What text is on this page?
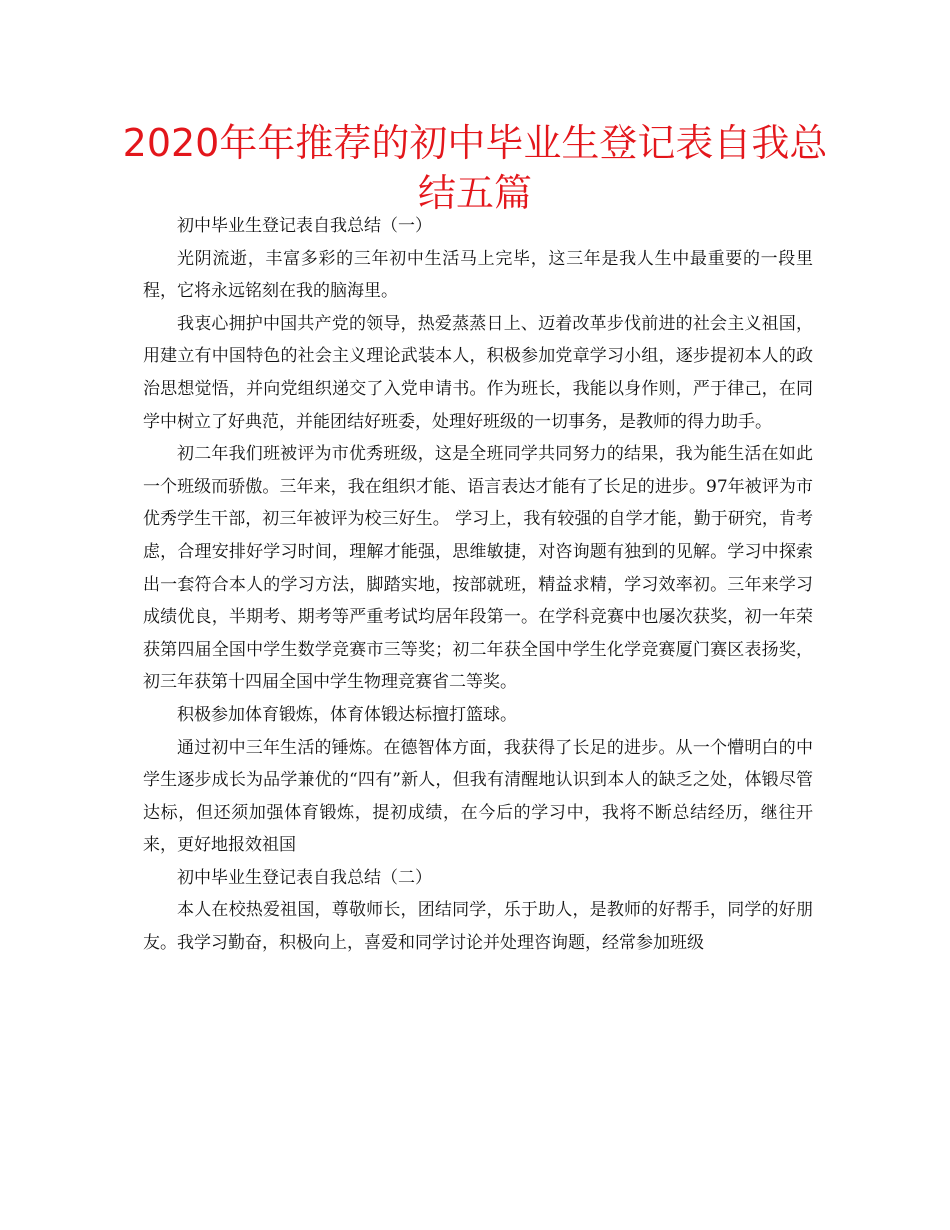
2020年年推荐的初中毕业生登记表自我总结五篇

初中毕业生登记表自我总结（一）

光阴流逝，丰富多彩的三年初中生活马上完毕，这三年是我人生中最重要的一段里程，它将永远铭刻在我的脑海里。

我衷心拥护中国共产党的领导，热爱蒸蒸日上、迈着改革步伐前进的社会主义祖国，用建立有中国特色的社会主义理论武装本人，积极参加党章学习小组，逐步提初本人的政治思想觉悟，并向党组织递交了入党申请书。作为班长，我能以身作则，严于律己，在同学中树立了好典范，并能团结好班委，处理好班级的一切事务，是教师的得力助手。

初二年我们班被评为市优秀班级，这是全班同学共同努力的结果，我为能生活在如此一个班级而骄傲。三年来，我在组织才能、语言表达才能有了长足的进步。97年被评为市优秀学生干部，初三年被评为校三好生。 学习上，我有较强的自学才能，勤于研究，肯考虑，合理安排好学习时间，理解才能强，思维敏捷，对咨询题有独到的见解。学习中探索出一套符合本人的学习方法，脚踏实地，按部就班，精益求精，学习效率初。三年来学习成绩优良，半期考、期考等严重考试均居年段第一。在学科竞赛中也屡次获奖，初一年荣获第四届全国中学生数学竞赛市三等奖；初二年获全国中学生化学竞赛厦门赛区表扬奖，初三年获第十四届全国中学生物理竞赛省二等奖。

积极参加体育锻炼，体育体锻达标擅打篮球。

通过初中三年生活的锤炼。在德智体方面，我获得了长足的进步。从一个懵明白的中学生逐步成长为品学兼优的“四有”新人，但我有清醒地认识到本人的缺乏之处，体锻尽管达标，但还须加强体育锻炼，提初成绩，在今后的学习中，我将不断总结经历，继往开来，更好地报效祖国

初中毕业生登记表自我总结（二）

本人在校热爱祖国，尊敬师长，团结同学，乐于助人，是教师的好帮手，同学的好朋友。我学习勤奋，积极向上，喜爱和同学讨论并处理咨询题，经常参加班级
